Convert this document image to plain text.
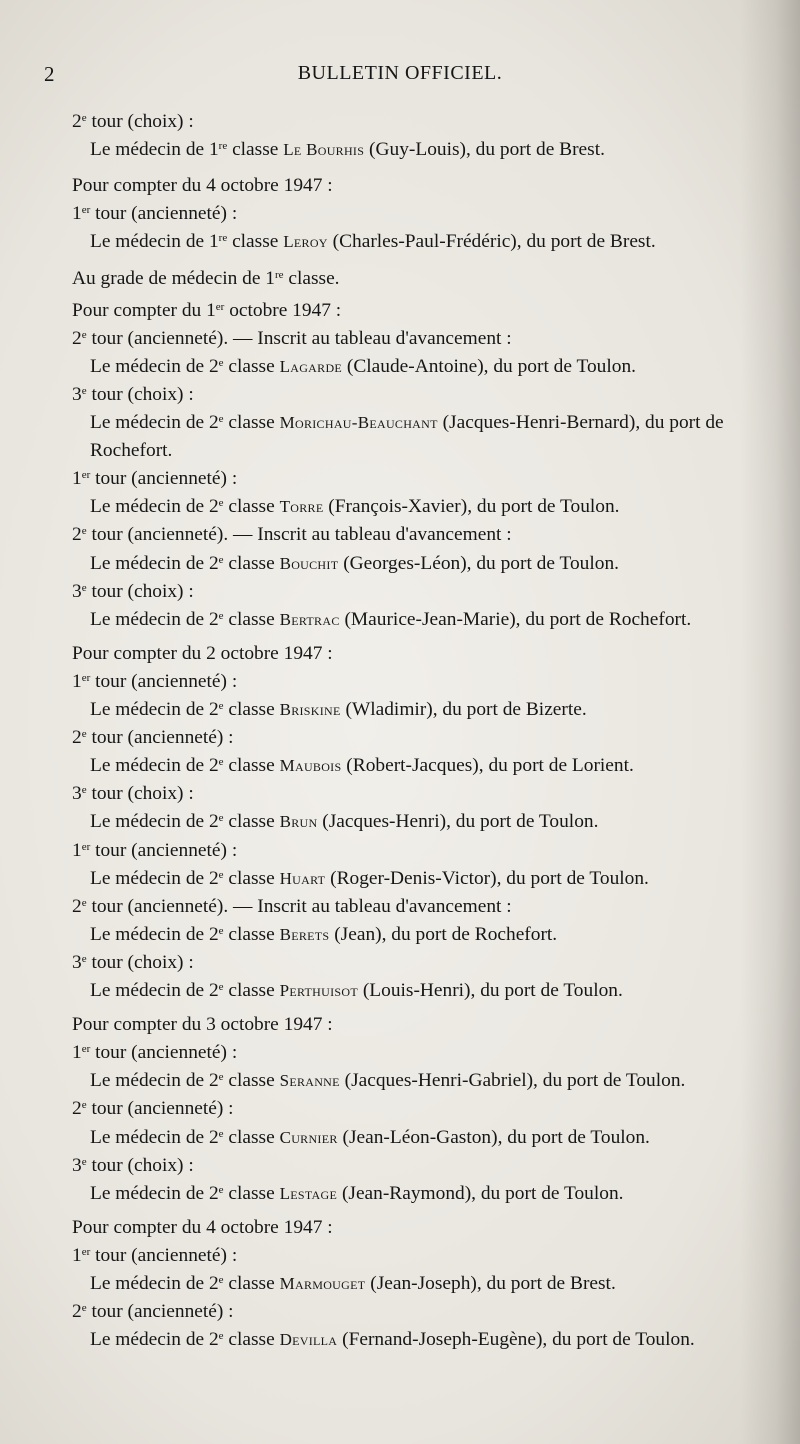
2	BULLETIN OFFICIEL.
2e tour (choix) :
Le médecin de 1re classe Le Bourhis (Guy-Louis), du port de Brest.
Pour compter du 4 octobre 1947 :
1er tour (ancienneté) :
Le médecin de 1re classe Leroy (Charles-Paul-Frédéric), du port de Brest.
Au grade de médecin de 1re classe.
Pour compter du 1er octobre 1947 :
2e tour (ancienneté). — Inscrit au tableau d'avancement :
Le médecin de 2e classe Lagarde (Claude-Antoine), du port de Toulon.
3e tour (choix) :
Le médecin de 2e classe Morichau-Beauchant (Jacques-Henri-Bernard), du port de
Rochefort.
1er tour (ancienneté) :
Le médecin de 2e classe Torre (François-Xavier), du port de Toulon.
2e tour (ancienneté). — Inscrit au tableau d'avancement :
Le médecin de 2e classe Bouchit (Georges-Léon), du port de Toulon.
3e tour (choix) :
Le médecin de 2e classe Bertrac (Maurice-Jean-Marie), du port de Rochefort.
Pour compter du 2 octobre 1947 :
1er tour (ancienneté) :
Le médecin de 2e classe Briskine (Wladimir), du port de Bizerte.
2e tour (ancienneté) :
Le médecin de 2e classe Maubois (Robert-Jacques), du port de Lorient.
3e tour (choix) :
Le médecin de 2e classe Brun (Jacques-Henri), du port de Toulon.
1er tour (ancienneté) :
Le médecin de 2e classe Huart (Roger-Denis-Victor), du port de Toulon.
2e tour (ancienneté). — Inscrit au tableau d'avancement :
Le médecin de 2e classe Berets (Jean), du port de Rochefort.
3e tour (choix) :
Le médecin de 2e classe Perthuisot (Louis-Henri), du port de Toulon.
Pour compter du 3 octobre 1947 :
1er tour (ancienneté) :
Le médecin de 2e classe Seranne (Jacques-Henri-Gabriel), du port de Toulon.
2e tour (ancienneté) :
Le médecin de 2e classe Curnier (Jean-Léon-Gaston), du port de Toulon.
3e tour (choix) :
Le médecin de 2e classe Lestage (Jean-Raymond), du port de Toulon.
Pour compter du 4 octobre 1947 :
1er tour (ancienneté) :
Le médecin de 2e classe Marmouget (Jean-Joseph), du port de Brest.
2e tour (ancienneté) :
Le médecin de 2e classe Devilla (Fernand-Joseph-Eugène), du port de Toulon.
